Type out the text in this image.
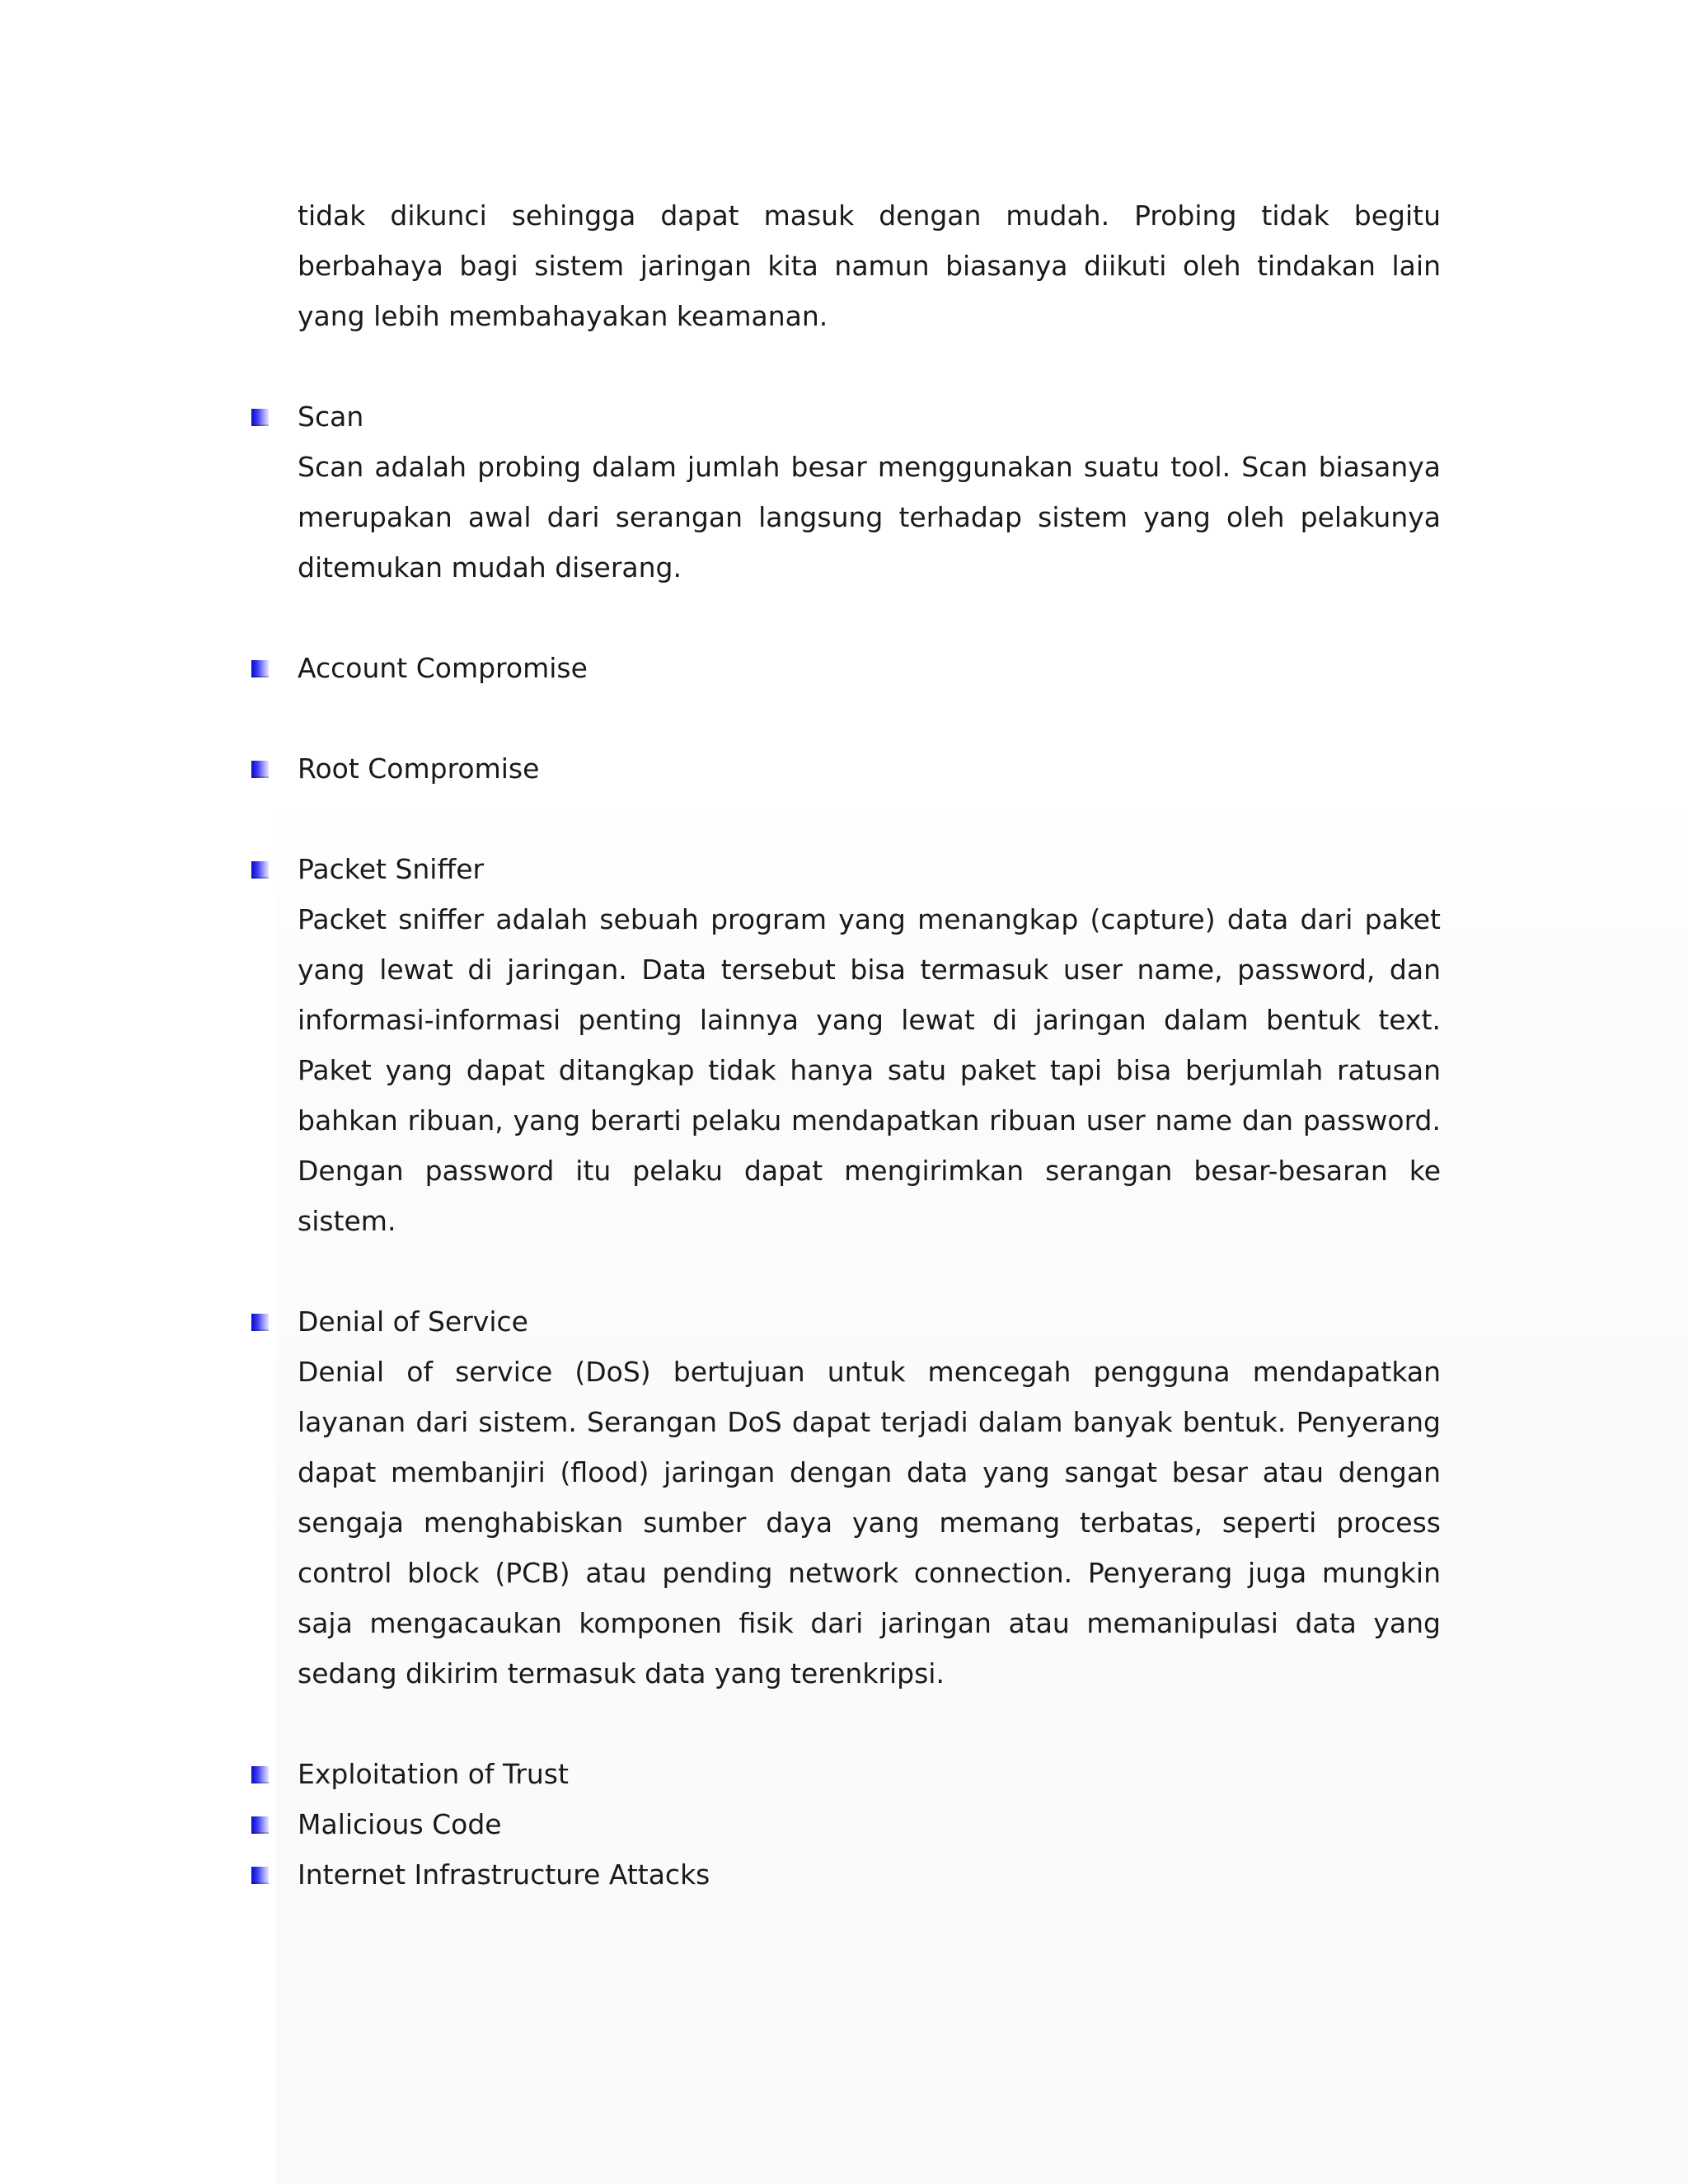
tidak dikunci sehingga dapat masuk dengan mudah. Probing tidak begitu berbahaya bagi sistem jaringan kita namun biasanya diikuti oleh tindakan lain yang lebih membahayakan keamanan.

Scan

Scan adalah probing dalam jumlah besar menggunakan suatu tool. Scan biasanya merupakan awal dari serangan langsung terhadap sistem yang oleh pelakunya ditemukan mudah diserang.

Account Compromise

Root Compromise

Packet Sniffer

Packet sniffer adalah sebuah program yang menangkap (capture) data dari paket yang lewat di jaringan. Data tersebut bisa termasuk user name, password, dan informasi-informasi penting lainnya yang lewat di jaringan dalam bentuk text. Paket yang dapat ditangkap tidak hanya satu paket tapi bisa berjumlah ratusan bahkan ribuan, yang berarti pelaku mendapatkan ribuan user name dan password. Dengan password itu pelaku dapat mengirimkan serangan besar-besaran ke sistem.

Denial of Service

Denial of service (DoS) bertujuan untuk mencegah pengguna mendapatkan layanan dari sistem. Serangan DoS dapat terjadi dalam banyak bentuk. Penyerang dapat membanjiri (flood) jaringan dengan data yang sangat besar atau dengan sengaja menghabiskan sumber daya yang memang terbatas, seperti process control block (PCB) atau pending network connection. Penyerang juga mungkin saja mengacaukan komponen fisik dari jaringan atau memanipulasi data yang sedang dikirim termasuk data yang terenkripsi.

Exploitation of Trust

Malicious Code

Internet Infrastructure Attacks
